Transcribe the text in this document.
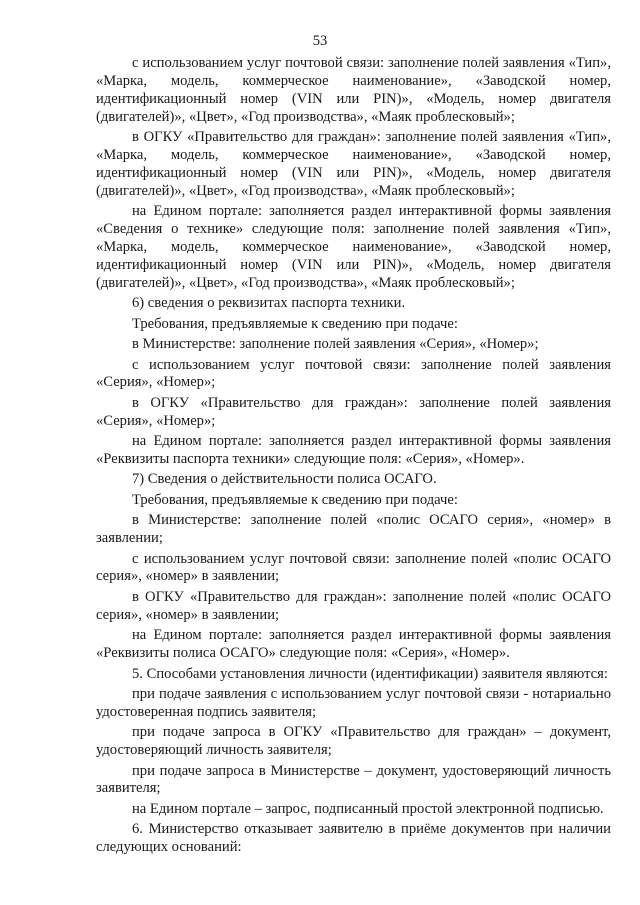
53

с использованием услуг почтовой связи: заполнение полей заявления «Тип», «Марка, модель, коммерческое наименование», «Заводской номер, идентификационный номер (VIN или PIN)», «Модель, номер двигателя (двигателей)», «Цвет», «Год производства», «Маяк проблесковый»;

в ОГКУ «Правительство для граждан»: заполнение полей заявления «Тип», «Марка, модель, коммерческое наименование», «Заводской номер, идентификационный номер (VIN или PIN)», «Модель, номер двигателя (двигателей)», «Цвет», «Год производства», «Маяк проблесковый»;

на Едином портале: заполняется раздел интерактивной формы заявления «Сведения о технике» следующие поля: заполнение полей заявления «Тип», «Марка, модель, коммерческое наименование», «Заводской номер, идентификационный номер (VIN или PIN)», «Модель, номер двигателя (двигателей)», «Цвет», «Год производства», «Маяк проблесковый»;

6) сведения о реквизитах паспорта техники.

Требования, предъявляемые к сведению при подаче:

в Министерстве: заполнение полей заявления «Серия», «Номер»;

с использованием услуг почтовой связи: заполнение полей заявления «Серия», «Номер»;

в ОГКУ «Правительство для граждан»: заполнение полей заявления «Серия», «Номер»;

на Едином портале: заполняется раздел интерактивной формы заявления «Реквизиты паспорта техники» следующие поля: «Серия», «Номер».

7) Сведения о действительности полиса ОСАГО.

Требования, предъявляемые к сведению при подаче:

в Министерстве: заполнение полей «полис ОСАГО серия», «номер» в заявлении;

с использованием услуг почтовой связи: заполнение полей «полис ОСАГО серия», «номер» в заявлении;

в ОГКУ «Правительство для граждан»: заполнение полей «полис ОСАГО серия», «номер» в заявлении;

на Едином портале: заполняется раздел интерактивной формы заявления «Реквизиты полиса ОСАГО» следующие поля: «Серия», «Номер».

5. Способами установления личности (идентификации) заявителя являются:

при подаче заявления с использованием услуг почтовой связи - нотариально удостоверенная подпись заявителя;

при подаче запроса в ОГКУ «Правительство для граждан» – документ, удостоверяющий личность заявителя;

при подаче запроса в Министерстве – документ, удостоверяющий личность заявителя;

на Едином портале – запрос, подписанный простой электронной подписью.

6. Министерство отказывает заявителю в приёме документов при наличии следующих оснований:
